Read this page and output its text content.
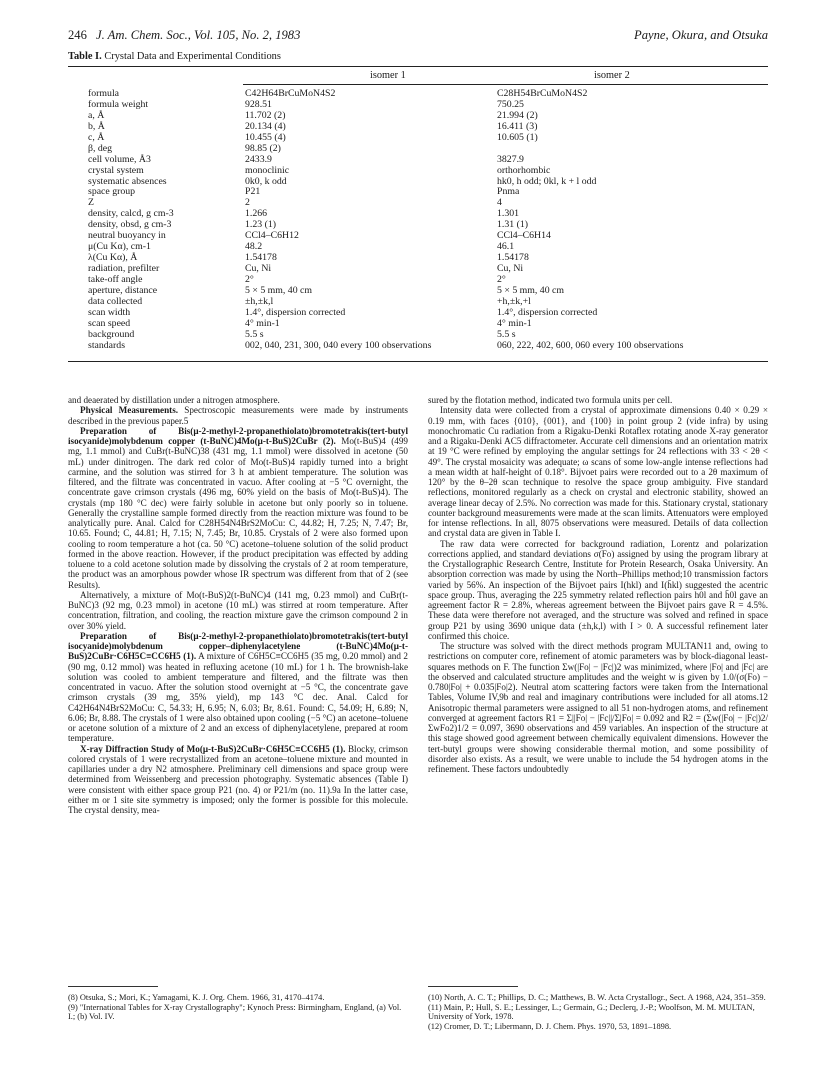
246 J. Am. Chem. Soc., Vol. 105, No. 2, 1983	Payne, Okura, and Otsuka
Table I. Crystal Data and Experimental Conditions
isomer 1	isomer 2
formula	C42H64BrCuMoN4S2	C28H54BrCuMoN4S2
formula weight	928.51	750.25
a, Å	11.702 (2)	21.994 (2)
b, Å	20.134 (4)	16.411 (3)
c, Å	10.455 (4)	10.605 (1)
β, deg	98.85 (2)
cell volume, Å3	2433.9	3827.9
crystal system	monoclinic	orthorhombic
systematic absences	0k0, k odd	hk0, h odd; 0kl, k + l odd
space group	P21	Pnma
Z	2	4
density, calcd, g cm-3	1.266	1.301
density, obsd, g cm-3	1.23 (1)	1.31 (1)
neutral buoyancy in	CCl4–C6H12	CCl4–C6H14
μ(Cu Kα), cm-1	48.2	46.1
λ(Cu Kα), Å	1.54178	1.54178
radiation, prefilter	Cu, Ni	Cu, Ni
take-off angle	2°	2°
aperture, distance	5 × 5 mm, 40 cm	5 × 5 mm, 40 cm
data collected	±h,±k,l	+h,±k,+l
scan width	1.4°, dispersion corrected	1.4°, dispersion corrected
scan speed	4° min-1	4° min-1
background	5.5 s	5.5 s
standards	002, 040, 231, 300, 040 every 100 observations	060, 222, 402, 600, 060 every 100 observations

and deaerated by distillation under a nitrogen atmosphere.

Physical Measurements. Spectroscopic measurements were made by instruments described in the previous paper.5

Preparation of Bis(μ-2-methyl-2-propanethiolato)bromotetrakis(tert-butyl isocyanide)molybdenum copper (t-BuNC)4Mo(μ-t-BuS)2CuBr (2). Mo(t-BuS)4 (499 mg, 1.1 mmol) and CuBr(t-BuNC)38 (431 mg, 1.1 mmol) were dissolved in acetone (50 mL) under dinitrogen. The dark red color of Mo(t-BuS)4 rapidly turned into a bright carmine, and the solution was stirred for 3 h at ambient temperature. The solution was filtered, and the filtrate was concentrated in vacuo. After cooling at −5 °C overnight, the concentrate gave crimson crystals (496 mg, 60% yield on the basis of Mo(t-BuS)4). The crystals (mp 180 °C dec) were fairly soluble in acetone but only poorly so in toluene. Generally the crystalline sample formed directly from the reaction mixture was found to be analytically pure. Anal. Calcd for C28H54N4BrS2MoCu: C, 44.82; H, 7.25; N, 7.47; Br, 10.65. Found; C, 44.81; H, 7.15; N, 7.45; Br, 10.85. Crystals of 2 were also formed upon cooling to room temperature a hot (ca. 50 °C) acetone–toluene solution of the solid product formed in the above reaction. However, if the product precipitation was effected by adding toluene to a cold acetone solution made by dissolving the crystals of 2 at room temperature, the product was an amorphous powder whose IR spectrum was different from that of 2 (see Results).

Alternatively, a mixture of Mo(t-BuS)2(t-BuNC)4 (141 mg, 0.23 mmol) and CuBr(t-BuNC)3 (92 mg, 0.23 mmol) in acetone (10 mL) was stirred at room temperature. After concentration, filtration, and cooling, the reaction mixture gave the crimson compound 2 in over 30% yield.

Preparation of Bis(μ-2-methyl-2-propanethiolato)bromotetrakis(tert-butyl isocyanide)molybdenum copper–diphenylacetylene (t-BuNC)4Mo(μ-t-BuS)2CuBr·C6H5C≡CC6H5 (1). A mixture of C6H5C≡CC6H5 (35 mg, 0.20 mmol) and 2 (90 mg, 0.12 mmol) was heated in refluxing acetone (10 mL) for 1 h. The brownish-lake solution was cooled to ambient temperature and filtered, and the filtrate was then concentrated in vacuo. After the solution stood overnight at −5 °C, the concentrate gave crimson crystals (39 mg, 35% yield), mp 143 °C dec. Anal. Calcd for C42H64N4BrS2MoCu: C, 54.33; H, 6.95; N, 6.03; Br, 8.61. Found: C, 54.09; H, 6.89; N, 6.06; Br, 8.88. The crystals of 1 were also obtained upon cooling (−5 °C) an acetone–toluene or acetone solution of a mixture of 2 and an excess of diphenylacetylene, prepared at room temperature.

X-ray Diffraction Study of Mo(μ-t-BuS)2CuBr·C6H5C≡CC6H5 (1). Blocky, crimson colored crystals of 1 were recrystallized from an acetone–toluene mixture and mounted in capillaries under a dry N2 atmosphere. Preliminary cell dimensions and space group were determined from Weissenberg and precession photography. Systematic absences (Table I) were consistent with either space group P21 (no. 4) or P21/m (no. 11).9a In the latter case, either m or 1 site site symmetry is imposed; only the former is possible for this molecule. The crystal density, mea-

sured by the flotation method, indicated two formula units per cell.

Intensity data were collected from a crystal of approximate dimensions 0.40 × 0.29 × 0.19 mm, with faces {010}, {001}, and {100} in point group 2 (vide infra) by using monochromatic Cu radiation from a Rigaku-Denki Rotaflex rotating anode X-ray generator and a Rigaku-Denki AC5 diffractometer. Accurate cell dimensions and an orientation matrix at 19 °C were refined by employing the angular settings for 24 reflections with 33 < 2θ < 49°. The crystal mosaicity was adequate; ω scans of some low-angle intense reflections had a mean width at half-height of 0.18°. Bijvoet pairs were recorded out to a 2θ maximum of 120° by the θ–2θ scan technique to resolve the space group ambiguity. Five standard reflections, monitored regularly as a check on crystal and electronic stability, showed an average linear decay of 2.5%. No correction was made for this. Stationary crystal, stationary counter background measurements were made at the scan limits. Attenuators were employed for intense reflections. In all, 8075 observations were measured. Details of data collection and crystal data are given in Table I.

The raw data were corrected for background radiation, Lorentz and polarization corrections applied, and standard deviations σ(Fo) assigned by using the program library at the Crystallographic Research Centre, Institute for Protein Research, Osaka University. An absorption correction was made by using the North–Phillips method;10 transmission factors varied by 56%. An inspection of the Bijvoet pairs I(hkl) and I(h̄kl) suggested the acentric space group. Thus, averaging the 225 symmetry related reflection pairs h0l and h̄0l gave an agreement factor R = 2.8%, whereas agreement between the Bijvoet pairs gave R = 4.5%. These data were therefore not averaged, and the structure was solved and refined in space group P21 by using 3690 unique data (±h,k,l) with I > 0. A successful refinement later confirmed this choice.

The structure was solved with the direct methods program MULTAN11 and, owing to restrictions on computer core, refinement of atomic parameters was by block-diagonal least-squares methods on F. The function Σw(|Fo| − |Fc|)2 was minimized, where |Fo| and |Fc| are the observed and calculated structure amplitudes and the weight w is given by 1.0/(σ(Fo) − 0.780|Fo| + 0.035|Fo|2). Neutral atom scattering factors were taken from the International Tables, Volume IV,9b and real and imaginary contributions were included for all atoms.12 Anisotropic thermal parameters were assigned to all 51 non-hydrogen atoms, and refinement converged at agreement factors R1 = Σ||Fo| − |Fc||/Σ|Fo| = 0.092 and R2 = (Σw(|Fo| − |Fc|)2/ΣwFo2)1/2 = 0.097, 3690 observations and 459 variables. An inspection of the structure at this stage showed good agreement between chemically equivalent dimensions. However the tert-butyl groups were showing considerable thermal motion, and some possibility of disorder also exists. As a result, we were unable to include the 54 hydrogen atoms in the refinement. These factors undoubtedly

(8) Otsuka, S.; Mori, K.; Yamagami, K. J. Org. Chem. 1966, 31, 4170–4174.

(9) "International Tables for X-ray Crystallography"; Kynoch Press: Birmingham, England, (a) Vol. I.; (b) Vol. IV.

(10) North, A. C. T.; Phillips, D. C.; Matthews, B. W. Acta Crystallogr., Sect. A 1968, A24, 351–359.

(11) Main, P.; Hull, S. E.; Lessinger, L.; Germain, G.; Declerq, J.-P.; Woolfson, M. M. MULTAN, University of York, 1978.

(12) Cromer, D. T.; Libermann, D. J. Chem. Phys. 1970, 53, 1891–1898.
